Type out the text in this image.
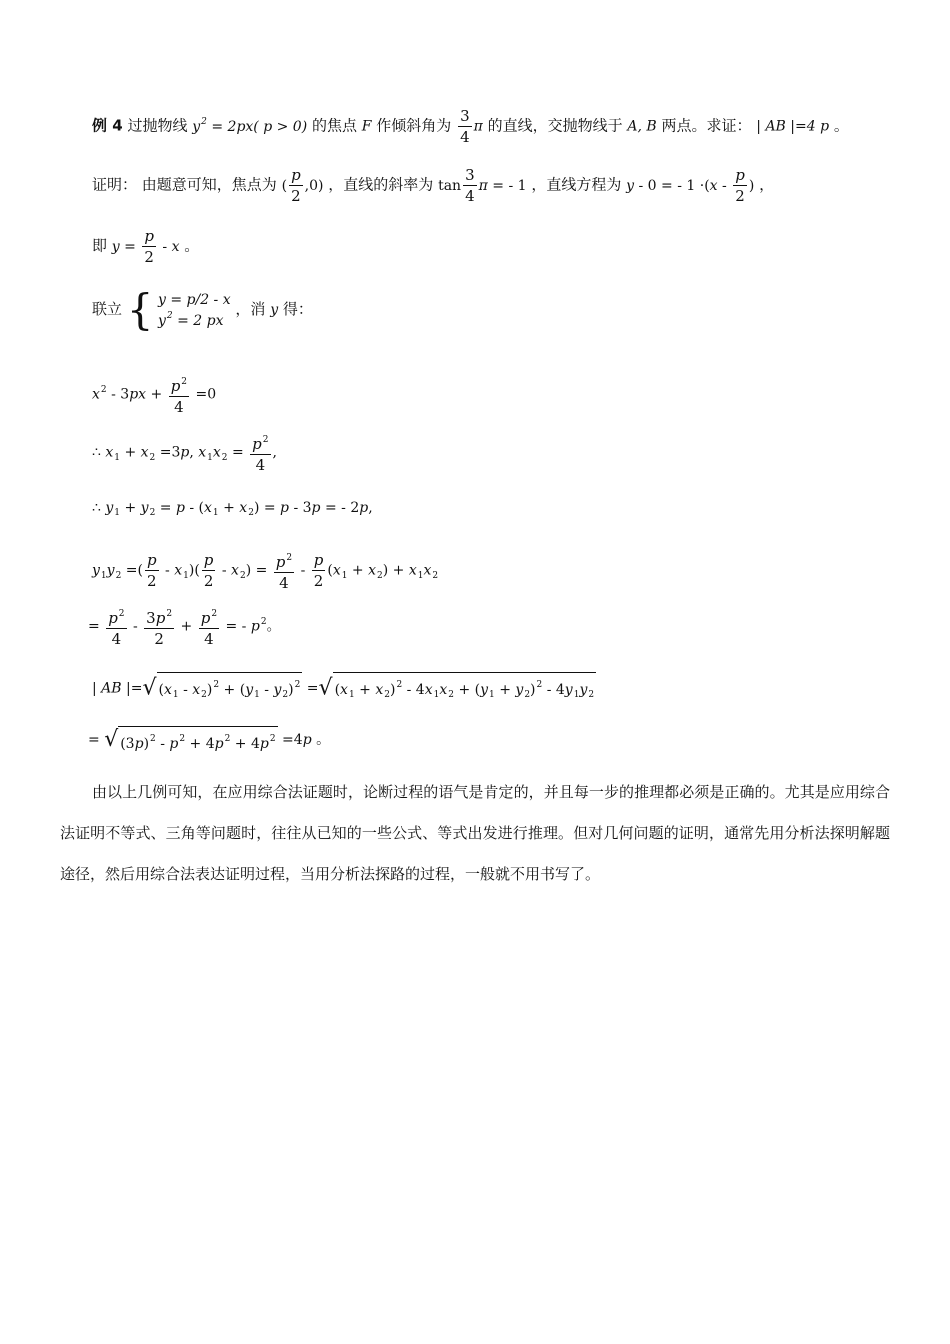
例 4 过抛物线 $y^2 = 2px$( p > 0) 的焦点 F 作倾斜角为 $\frac{3}{4}$ π 的直线，交抛物线于 A, B 两点。求证： | AB |=4 p 。
证明： 由题意可知，焦点为 ( $\frac{p}{2} ,0$) ，直线的斜率为 $\tan \frac{3}{4}$ π = - 1 ，直线方程为 y - 0 = - $1 \cdot(x - \frac{p}{2}$ ) ，
即 $y = \frac{p}{2} - x$ 。
联立 { y = p/2 - x
$y^2 = 2$ px
，消 y 得：
$x^2 - 3px + \frac{p^2}{4} =0$
∴ $x_1 + x_2 =3p$, $x_1x_2 = \frac{p^2}{4}$ ,
∴ $y_1 + y_2 = p - (x_1 + x_2) = p - 3p$ = - 2p,
$y_1y_2$ =( $\frac{p}{2} - x_1)( \frac{p}{2} - x_2) = \frac{p^2}{4} - \frac{p}{2} (x_1 + x_2) + x_1x_2$
= $\frac{p^2}{4} - \frac{3p^2}{2} + \frac{p^2}{4}$ = - $p^2$。
| AB |=√ $(x_1 - x_2)^2 + (y_1 - y_2)^2$ =√ $(x_1 + x_2)^2 - 4x_1x_2 + (y_1 + y_2)^2 - 4y_1y_2$
= √ $(3p)^2 - p^2 + 4p^2 + 4p^2 =4p$ 。
由以上几例可知，在应用综合法证题时，论断过程的语气是肯定的，并且每一步的推理都必须是正确的。尤其是应用综合法证明不等式、三角等问题时，往往从已知的一些公式、等式出发进行推理。但对几何问题的证明，通常先用分析法探明解题途径，然后用综合法表达证明过程，当用分析法探路的过程，一般就不用书写了。
